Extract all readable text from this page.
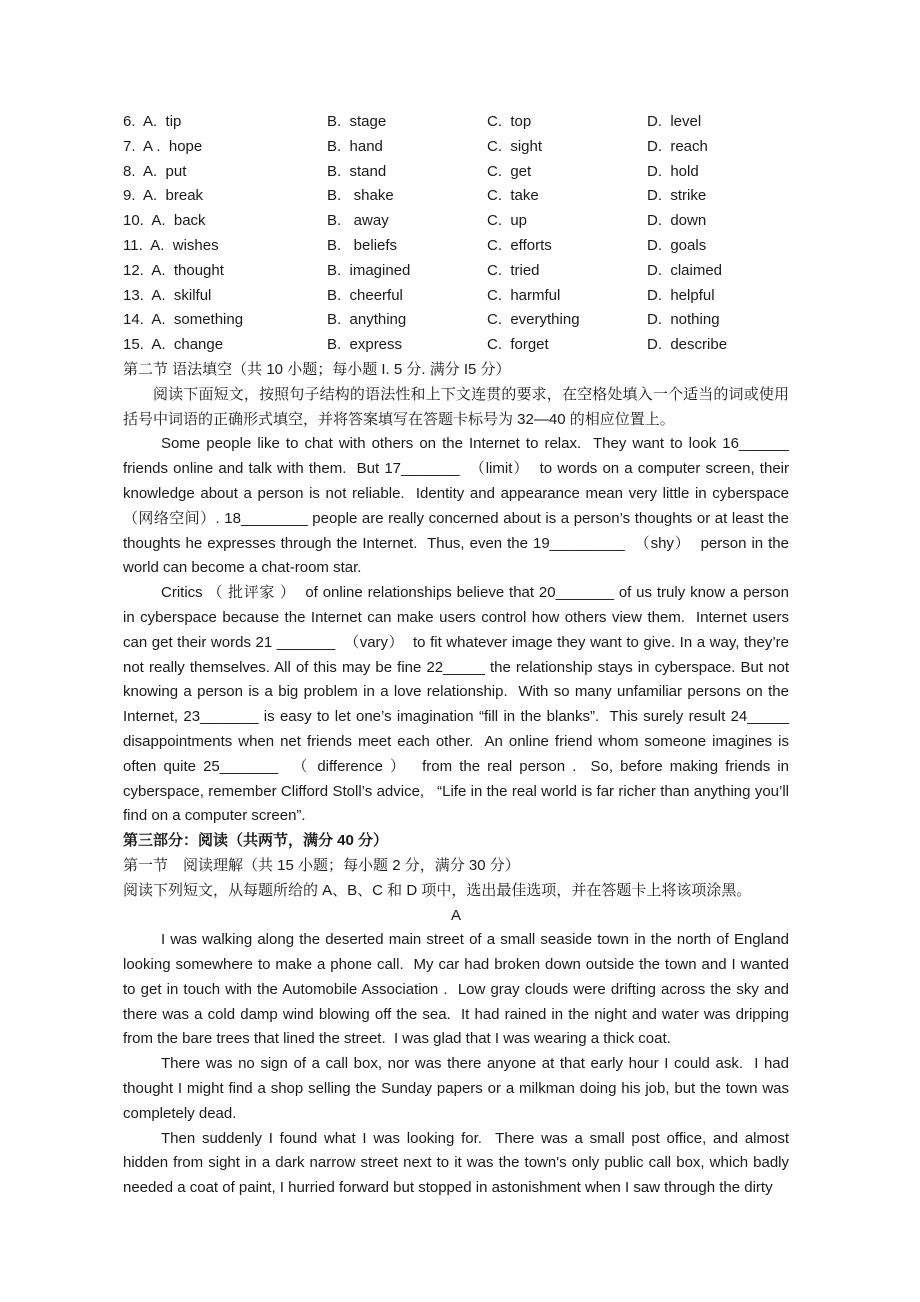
6.  A.  tip	B.  stage	C.  top	D.  level
7.  A .  hope	B.  hand	C.  sight	D.  reach
8.  A.  put	B.  stand	C.  get	D.  hold
9.  A.  break	B.   shake	C.  take	D.  strike
10.  A.  back	B.   away	C.  up	D.  down
11.  A.  wishes	B.   beliefs	C.  efforts	D.  goals
12.  A.  thought	B.  imagined	C.  tried	D.  claimed
13.  A.  skilful	B.  cheerful	C.  harmful	D.  helpful
14.  A.  something	B.  anything	C.  everything	D.  nothing
15.  A.  change	B.  express	C.  forget	D.  describe
第二节 语法填空（共 10 小题；每小题 I. 5 分. 满分 I5 分）

阅读下面短文，按照句子结构的语法性和上下文连贯的要求，在空格处填入一个适当的词或使用括号中词语的正确形式填空，并将答案填写在答题卡标号为 32—40 的相应位置上。

Some people like to chat with others on the Internet to relax.  They want to look 16______ friends online and talk with them.  But 17_______  （limit）  to words on a computer screen, their knowledge about a person is not reliable.  Identity and appearance mean very little in cyberspace （网络空间）. 18________ people are really concerned about is a person’s thoughts or at least the thoughts he expresses through the Internet.  Thus, even the 19_________  （shy）  person in the world can become a chat-room star.

Critics （ 批评家 ）  of online relationships believe that 20_______ of us truly know a person in cyberspace because the Internet can make users control how others view them.  Internet users can get their words 21 _______  （vary）  to fit whatever image they want to give. In a way, they’re not really themselves. All of this may be fine 22_____ the relationship stays in cyberspace. But not knowing a person is a big problem in a love relationship.  With so many unfamiliar persons on the Internet, 23_______ is easy to let one’s imagination “fill in the blanks”.  This surely result 24_____ disappointments when net friends meet each other.  An online friend whom someone imagines is often quite 25_______  （ difference ）  from the real person .  So, before making friends in cyberspace, remember Clifford Stoll’s advice,   “Life in the real world is far richer than anything you’ll find on a computer screen”.

第三部分：阅读（共两节，满分 40 分）
第一节　阅读理解（共 15 小题；每小题 2 分，满分 30 分）
阅读下列短文，从每题所给的 A、B、C 和 D 项中，选出最佳选项，并在答题卡上将该项涂黑。
A

I was walking along the deserted main street of a small seaside town in the north of England looking somewhere to make a phone call.  My car had broken down outside the town and I wanted to get in touch with the Automobile Association .  Low gray clouds were drifting across the sky and there was a cold damp wind blowing off the sea.  It had rained in the night and water was dripping from the bare trees that lined the street.  I was glad that I was wearing a thick coat.

There was no sign of a call box, nor was there anyone at that early hour I could ask.  I had thought I might find a shop selling the Sunday papers or a milkman doing his job, but the town was completely dead.

Then suddenly I found what I was looking for.  There was a small post office, and almost hidden from sight in a dark narrow street next to it was the town's only public call box, which badly needed a coat of paint, I hurried forward but stopped in astonishment when I saw through the dirty
